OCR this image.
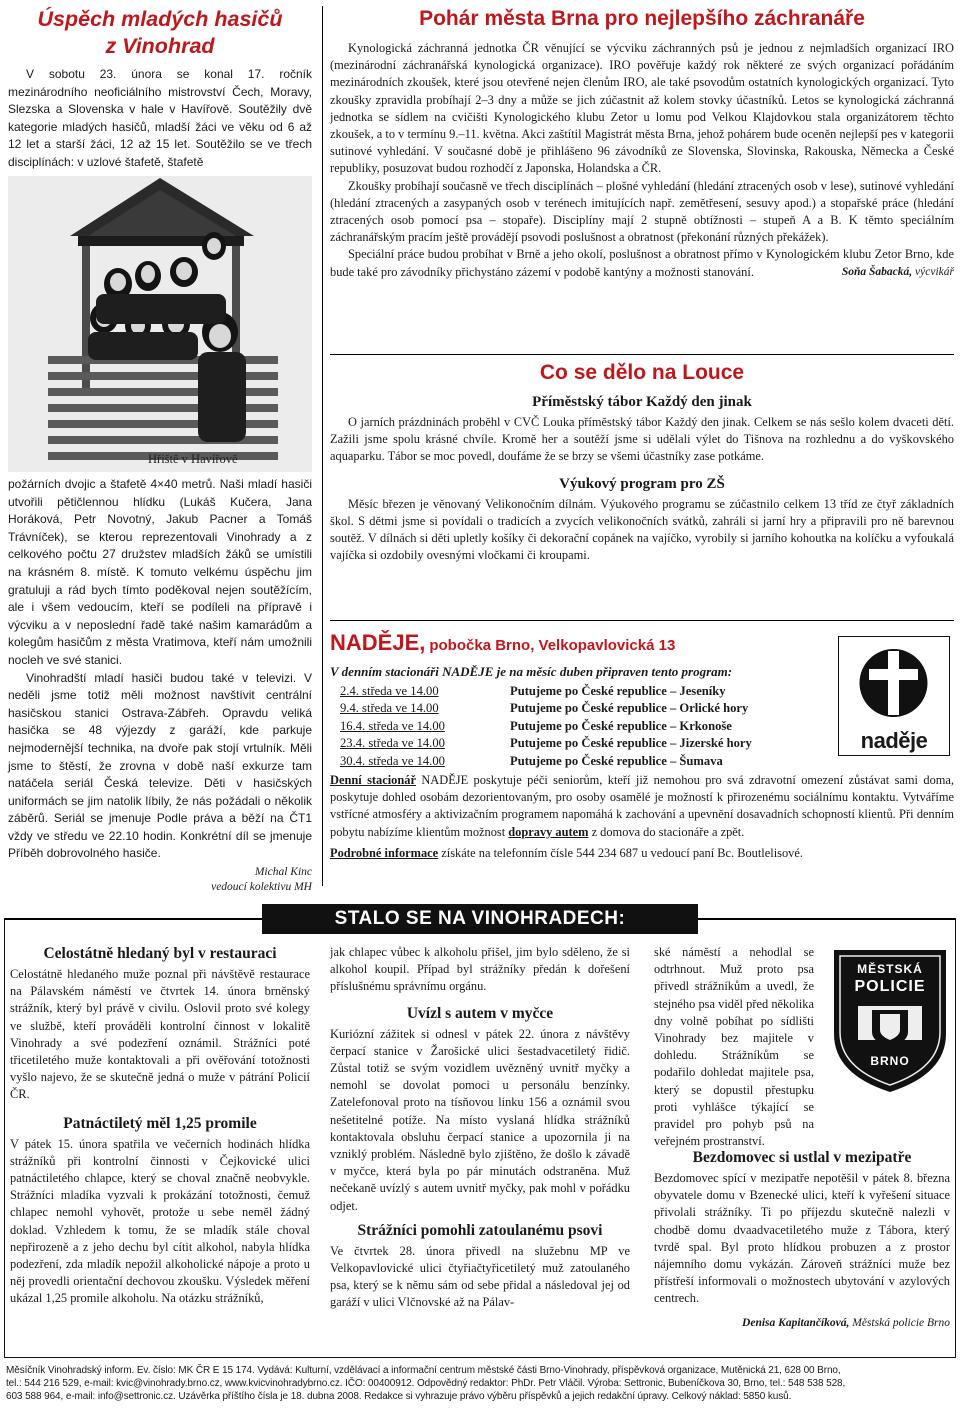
Úspěch mladých hasičů
z Vinohrad

V sobotu 23. února se konal 17. ročník mezinárodního neoficiálního mistrovství Čech, Moravy, Slezska a Slovenska v hale v Havířově. Soutěžily dvě kategorie mladých hasičů, mladší žáci ve věku od 6 až 12 let a starší žáci, 12 až 15 let. Soutěžilo se ve třech disciplínách: v uzlové štafetě, štafetě

Hřiště v Havířově

požárních dvojic a štafetě 4×40 metrů. Naši mladí hasiči utvořili pětičlennou hlídku (Lukáš Kučera, Jana Horáková, Petr Novotný, Jakub Pacner a Tomáš Trávníček), se kterou reprezentovali Vinohrady a z celkového počtu 27 družstev mladších žáků se umístili na krásném 8. místě. K tomuto velkému úspěchu jim gratuluji a rád bych tímto poděkoval nejen soutěžícím, ale i všem vedoucím, kteří se podíleli na přípravě i výcviku a v neposlední řadě také našim kamarádům a kolegům hasičům z města Vratimova, kteří nám umožnili nocleh ve své stanici.

Vinohradští mladí hasiči budou také v televizi. V neděli jsme totiž měli možnost navštívit centrální hasičskou stanici Ostrava-Zábřeh. Opravdu veliká hasička se 48 výjezdy z garáží, kde parkuje nejmodernější technika, na dvoře pak stojí vrtulník. Měli jsme to štěstí, že zrovna v době naší exkurze tam natáčela seriál Česká televize. Děti v hasičských uniformách se jim natolik líbily, že nás požádali o několik záběrů. Seriál se jmenuje Podle práva a běží na ČT1 vždy ve středu ve 22.10 hodin. Konkrétní díl se jmenuje Příběh dobrovolného hasiče.

Michal Kinc
vedoucí kolektivu MH
Pohár města Brna pro nejlepšího záchranáře

Kynologická záchranná jednotka ČR věnující se výcviku záchranných psů je jednou z nejmladších organizací IRO (mezinárodní záchranářská kynologická organizace). IRO pověřuje každý rok některé ze svých organizací pořádáním mezinárodních zkoušek, které jsou otevřené nejen členům IRO, ale také psovodům ostatních kynologických organizací. Tyto zkoušky zpravidla probíhají 2–3 dny a může se jich zúčastnit až kolem stovky účastníků. Letos se kynologická záchranná jednotka se sídlem na cvičišti Kynologického klubu Zetor u lomu pod Velkou Klajdovkou stala organizátorem těchto zkoušek, a to v termínu 9.–11. května. Akci zaštítil Magistrát města Brna, jehož pohárem bude oceněn nejlepší pes v kategorii sutinové vyhledání. V současné době je přihlášeno 96 závodníků ze Slovenska, Slovinska, Rakouska, Německa a České republiky, posuzovat budou rozhodčí z Japonska, Holandska a ČR.

Zkoušky probíhají současně ve třech disciplínách – plošné vyhledání (hledání ztracených osob v lese), sutinové vyhledání (hledání ztracených a zasypaných osob v terénech imitujících např. zemětřesení, sesuvy apod.) a stopařské práce (hledání ztracených osob pomocí psa – stopaře). Disciplíny mají 2 stupně obtížnosti – stupeň A a B. K těmto speciálním záchranářským pracím ještě provádějí psovodi poslušnost a obratnost (překonání různých překážek).

Speciální práce budou probíhat v Brně a jeho okolí, poslušnost a obratnost přímo v Kynologickém klubu Zetor Brno, kde bude také pro závodníky přichystáno zázemí v podobě kantýny a možnosti stanování.	Soňa Šabacká, výcvikář
Co se dělo na Louce
Příměstský tábor Každý den jinak

O jarních prázdninách proběhl v CVČ Louka příměstský tábor Každý den jinak. Celkem se nás sešlo kolem dvaceti dětí. Zažili jsme spolu krásné chvíle. Kromě her a soutěží jsme si udělali výlet do Tišnova na rozhlednu a do vyškovského aquaparku. Tábor se moc povedl, doufáme že se brzy se všemi účastníky zase potkáme.

Výukový program pro ZŠ

Měsíc březen je věnovaný Velikonočním dílnám. Výukového programu se zúčastnilo celkem 13 tříd ze čtyř základních škol. S dětmi jsme si povídali o tradicích a zvycích velikonočních svátků, zahráli si jarní hry a připravili pro ně barevnou soutěž. V dílnách si děti upletly košíky či dekorační copánek na vajíčko, vyrobily si jarního kohoutka na kolíčku a vyfoukalá vajíčka si ozdobily ovesnými vločkami či kroupami.

NADĚJE, pobočka Brno, Velkopavlovická 13

V denním stacionáři NADĚJE je na měsíc duben připraven tento program:

2.4. středa ve 14.00	Putujeme po České republice – Jeseníky
9.4. středa ve 14.00	Putujeme po České republice – Orlické hory
16.4. středa ve 14.00	Putujeme po České republice – Krkonoše
23.4. středa ve 14.00	Putujeme po České republice – Jizerské hory
30.4. středa ve 14.00	Putujeme po České republice – Šumava

Denní stacionář NADĚJE poskytuje péči seniorům, kteří již nemohou pro svá zdravotní omezení zůstávat sami doma, poskytuje dohled osobám dezorientovaným, pro osoby osamělé je možností k přirozenému sociálnímu kontaktu. Vytváříme vstřícné atmosféry a aktivizačním programem napomáhá k zachování a upevnění dosavadních schopností klientů. Při denním pobytu nabízíme klientům možnost dopravy autem z domova do stacionáře a zpět.

Podrobné informace získáte na telefonním čísle 544 234 687 u vedoucí paní Bc. Boutlelisové.

naděje
STALO SE NA VINOHRADECH:
Celostátně hledaný byl v restauraci

Celostátně hledaného muže poznal při návštěvě restaurace na Pálavském náměstí ve čtvrtek 14. února brněnský strážník, který byl právě v civilu. Oslovil proto své kolegy ve službě, kteří prováděli kontrolní činnost v lokalitě Vinohrady a své podezření oznámil. Strážníci poté třicetiletého muže kontaktovali a při ověřování totožnosti vyšlo najevo, že se skutečně jedná o muže v pátrání Policií ČR.

Patnáctiletý měl 1,25 promile

V pátek 15. února spatřila ve večerních hodinách hlídka strážníků při kontrolní činnosti v Čejkovické ulici patnáctiletého chlapce, který se choval značně neobvykle. Strážníci mladíka vyzvali k prokázání totožnosti, čemuž chlapec nemohl vyhovět, protože u sebe neměl žádný doklad. Vzhledem k tomu, že se mladík stále choval nepřirozeně a z jeho dechu byl cítit alkohol, nabyla hlídka podezření, zda mladík nepožil alkoholické nápoje a proto u něj provedli orientační dechovou zkoušku. Výsledek měření ukázal 1,25 promile alkoholu. Na otázku strážníků,

jak chlapec vůbec k alkoholu přišel, jim bylo sděleno, že si alkohol koupil. Případ byl strážníky předán k dořešení příslušnému správnímu orgánu.

Uvízl s autem v myčce

Kuriózní zážitek si odnesl v pátek 22. února z návštěvy čerpací stanice v Žarošické ulici šestadvacetiletý řidič. Zůstal totiž se svým vozidlem uvězněný uvnitř myčky a nemohl se dovolat pomoci u personálu benzínky. Zatelefonoval proto na tísňovou linku 156 a oznámil svou nešetitelné potíže. Na místo vyslaná hlídka strážníků kontaktovala obsluhu čerpací stanice a upozornila ji na vzniklý problém. Následně bylo zjištěno, že došlo k závadě v myčce, která byla po pár minutách odstraněna. Muž nečekaně uvízlý s autem uvnitř myčky, pak mohl v pořádku odjet.

Strážníci pomohli zatoulanému psovi

Ve čtvrtek 28. února přivedl na služebnu MP ve Velkopavlovické ulici čtyřiačtyřicetiletý muž zatoulaného psa, který se k němu sám od sebe přidal a následoval jej od garáží v ulici Vlčnovské až na Pálav-

ské náměstí a nehodlal se odtrhnout. Muž proto psa přivedl strážníkům a uvedl, že stejného psa viděl před několika dny volně pobíhat po sídlišti Vinohrady bez majitele v dohledu. Strážníkům se podařilo dohledat majitele psa, který se dopustil přestupku proti vyhlášce týkající se pravidel pro pohyb psů na veřejném prostranství.

MĚSTSKÁ
POLICIE
BRNO
Bezdomovec si ustlal v mezipatře

Bezdomovec spící v mezipatře nepotěšil v pátek 8. března obyvatele domu v Bzenecké ulici, kteří k vyřešení situace přivolali strážníky. Ti po příjezdu skutečně nalezli v chodbě domu dvaadvacetiletého muže z Tábora, který tvrdě spal. Byl proto hlídkou probuzen a z prostor nájemního domu vykázán. Zároveň strážníci muže bez přístřeší informovali o možnostech ubytování v azylových centrech.

Denisa Kapitančíková, Městská policie Brno
Měsíčník Vinohradský inform. Ev. číslo: MK ČR E 15 174. Vydává: Kulturní, vzdělávací a informační centrum městské části Brno-Vinohrady, příspěvková organizace, Mutěnická 21, 628 00 Brno,
tel.: 544 216 529, e-mail: kvic@vinohrady.brno.cz, www.kvicvinohradybrno.cz. IČO: 00400912. Odpovědný redaktor: PhDr. Petr Vláčil. Výroba: Settronic, Bubeníčkova 30, Brno, tel.: 548 538 528,
603 588 964, e-mail: info@settronic.cz. Uzávěrka příštího čísla je 18. dubna 2008. Redakce si vyhrazuje právo výběru příspěvků a jejich redakční úpravy. Celkový náklad: 5850 kusů.
